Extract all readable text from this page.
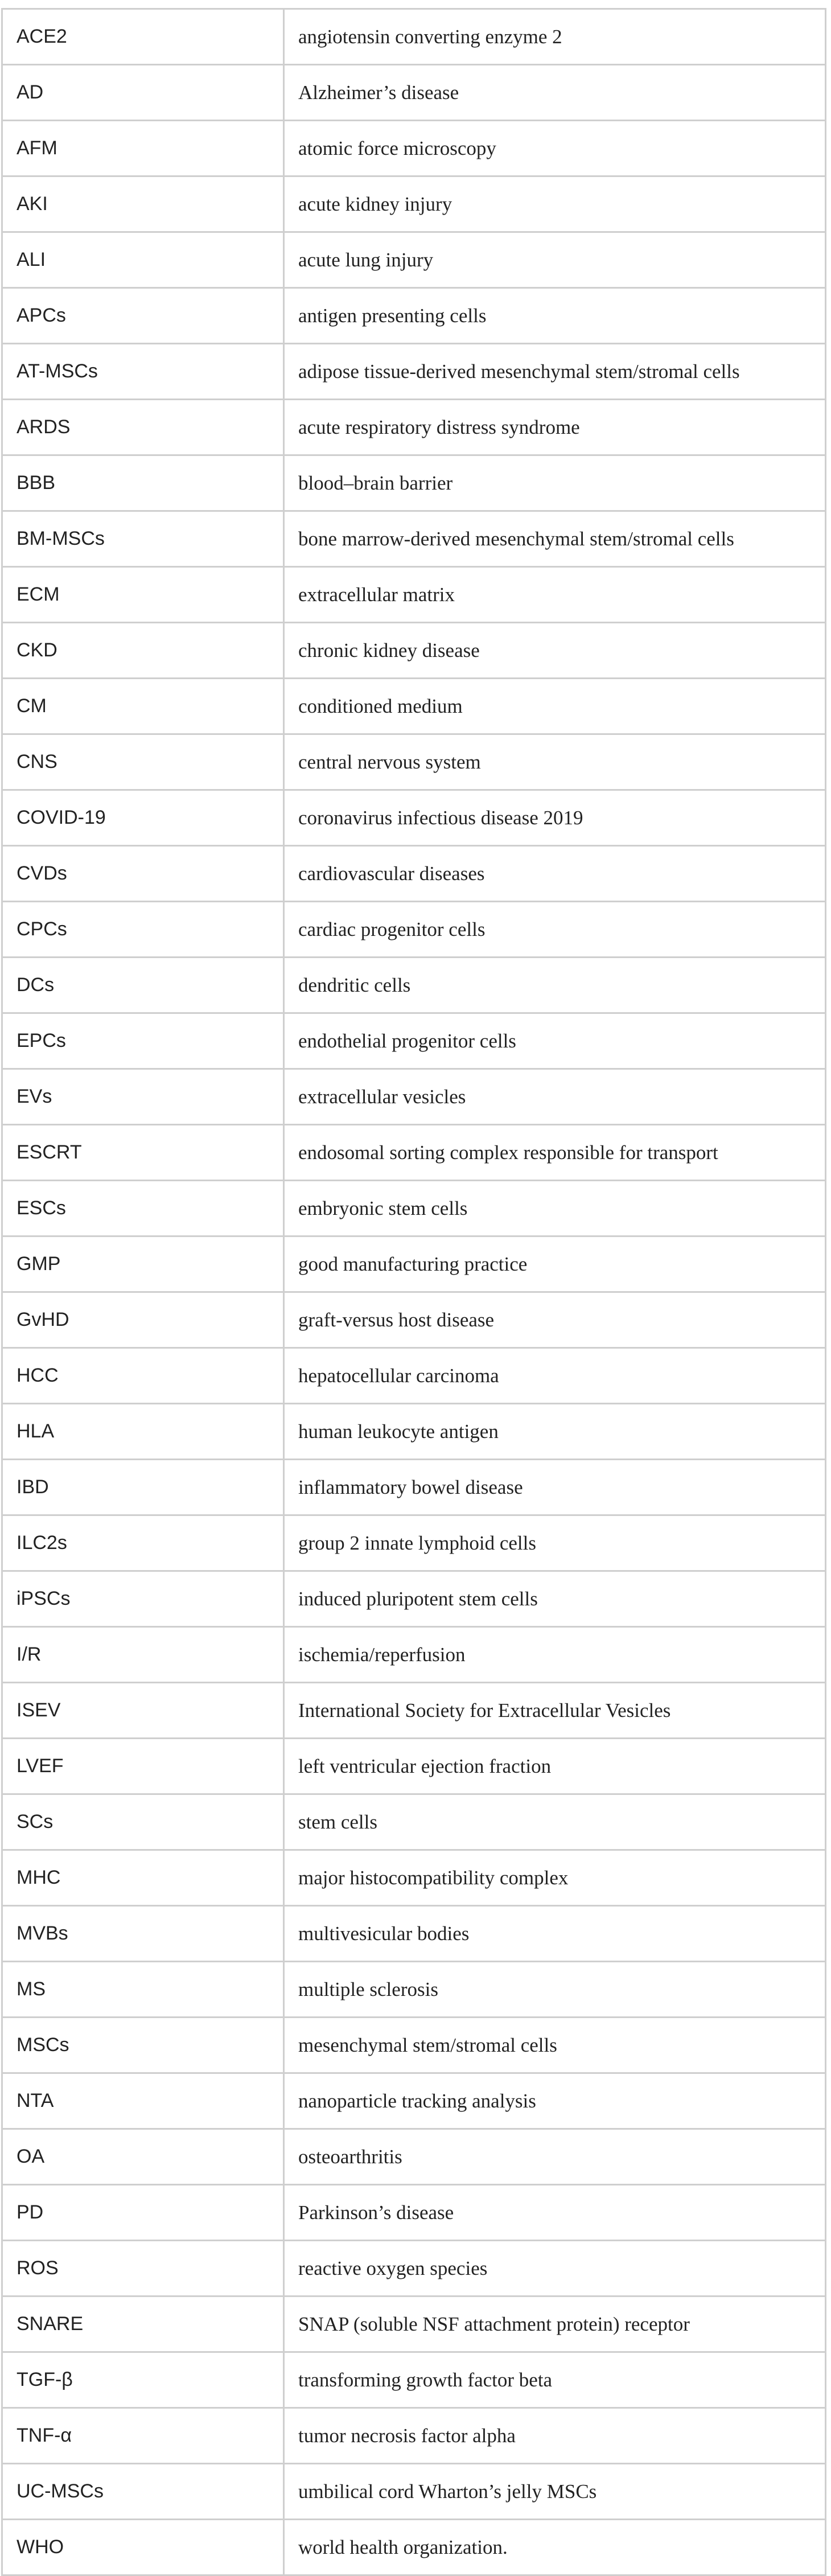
ACE2	angiotensin converting enzyme 2
AD	Alzheimer’s disease
AFM	atomic force microscopy
AKI	acute kidney injury
ALI	acute lung injury
APCs	antigen presenting cells
AT-MSCs	adipose tissue-derived mesenchymal stem/stromal cells
ARDS	acute respiratory distress syndrome
BBB	blood–brain barrier
BM-MSCs	bone marrow-derived mesenchymal stem/stromal cells
ECM	extracellular matrix
CKD	chronic kidney disease
CM	conditioned medium
CNS	central nervous system
COVID-19	coronavirus infectious disease 2019
CVDs	cardiovascular diseases
CPCs	cardiac progenitor cells
DCs	dendritic cells
EPCs	endothelial progenitor cells
EVs	extracellular vesicles
ESCRT	endosomal sorting complex responsible for transport
ESCs	embryonic stem cells
GMP	good manufacturing practice
GvHD	graft-versus host disease
HCC	hepatocellular carcinoma
HLA	human leukocyte antigen
IBD	inflammatory bowel disease
ILC2s	group 2 innate lymphoid cells
iPSCs	induced pluripotent stem cells
I/R	ischemia/reperfusion
ISEV	International Society for Extracellular Vesicles
LVEF	left ventricular ejection fraction
SCs	stem cells
MHC	major histocompatibility complex
MVBs	multivesicular bodies
MS	multiple sclerosis
MSCs	mesenchymal stem/stromal cells
NTA	nanoparticle tracking analysis
OA	osteoarthritis
PD	Parkinson’s disease
ROS	reactive oxygen species
SNARE	SNAP (soluble NSF attachment protein) receptor
TGF-β	transforming growth factor beta
TNF-α	tumor necrosis factor alpha
UC-MSCs	umbilical cord Wharton’s jelly MSCs
WHO	world health organization.
